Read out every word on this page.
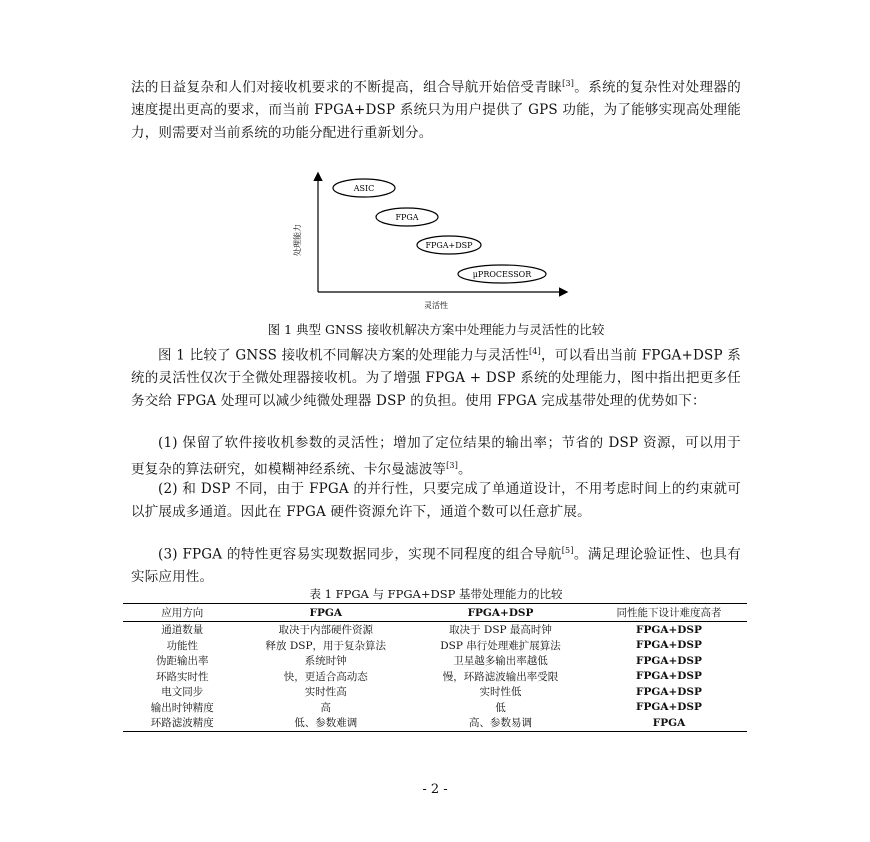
法的日益复杂和人们对接收机要求的不断提高，组合导航开始倍受青睐[3]。系统的复杂性对处理器的速度提出更高的要求，而当前 FPGA+DSP 系统只为用户提供了 GPS 功能，为了能够实现高处理能力，则需要对当前系统的功能分配进行重新划分。

处理能力
灵活性
ASIC
FPGA
FPGA+DSP
μPROCESSOR
图 1 典型 GNSS 接收机解决方案中处理能力与灵活性的比较

图 1 比较了 GNSS 接收机不同解决方案的处理能力与灵活性[4]，可以看出当前 FPGA+DSP 系统的灵活性仅次于全微处理器接收机。为了增强 FPGA + DSP 系统的处理能力，图中指出把更多任务交给 FPGA 处理可以减少纯微处理器 DSP 的负担。使用 FPGA 完成基带处理的优势如下：

(1) 保留了软件接收机参数的灵活性；增加了定位结果的输出率；节省的 DSP 资源，可以用于更复杂的算法研究，如模糊神经系统、卡尔曼滤波等[3]。

(2) 和 DSP 不同，由于 FPGA 的并行性，只要完成了单通道设计，不用考虑时间上的约束就可以扩展成多通道。因此在 FPGA 硬件资源允许下，通道个数可以任意扩展。

(3) FPGA 的特性更容易实现数据同步，实现不同程度的组合导航[5]。满足理论验证性、也具有实际应用性。

表 1 FPGA 与 FPGA+DSP 基带处理能力的比较
应用方向	FPGA	FPGA+DSP	同性能下设计难度高者
通道数量	取决于内部硬件资源	取决于 DSP 最高时钟	FPGA+DSP
功能性	释放 DSP，用于复杂算法	DSP 串行处理难扩展算法	FPGA+DSP
伪距输出率	系统时钟	卫星越多输出率越低	FPGA+DSP
环路实时性	快，更适合高动态	慢，环路滤波输出率受限	FPGA+DSP
电文同步	实时性高	实时性低	FPGA+DSP
输出时钟精度	高	低	FPGA+DSP
环路滤波精度	低、参数难调	高、参数易调	FPGA
- 2 -
